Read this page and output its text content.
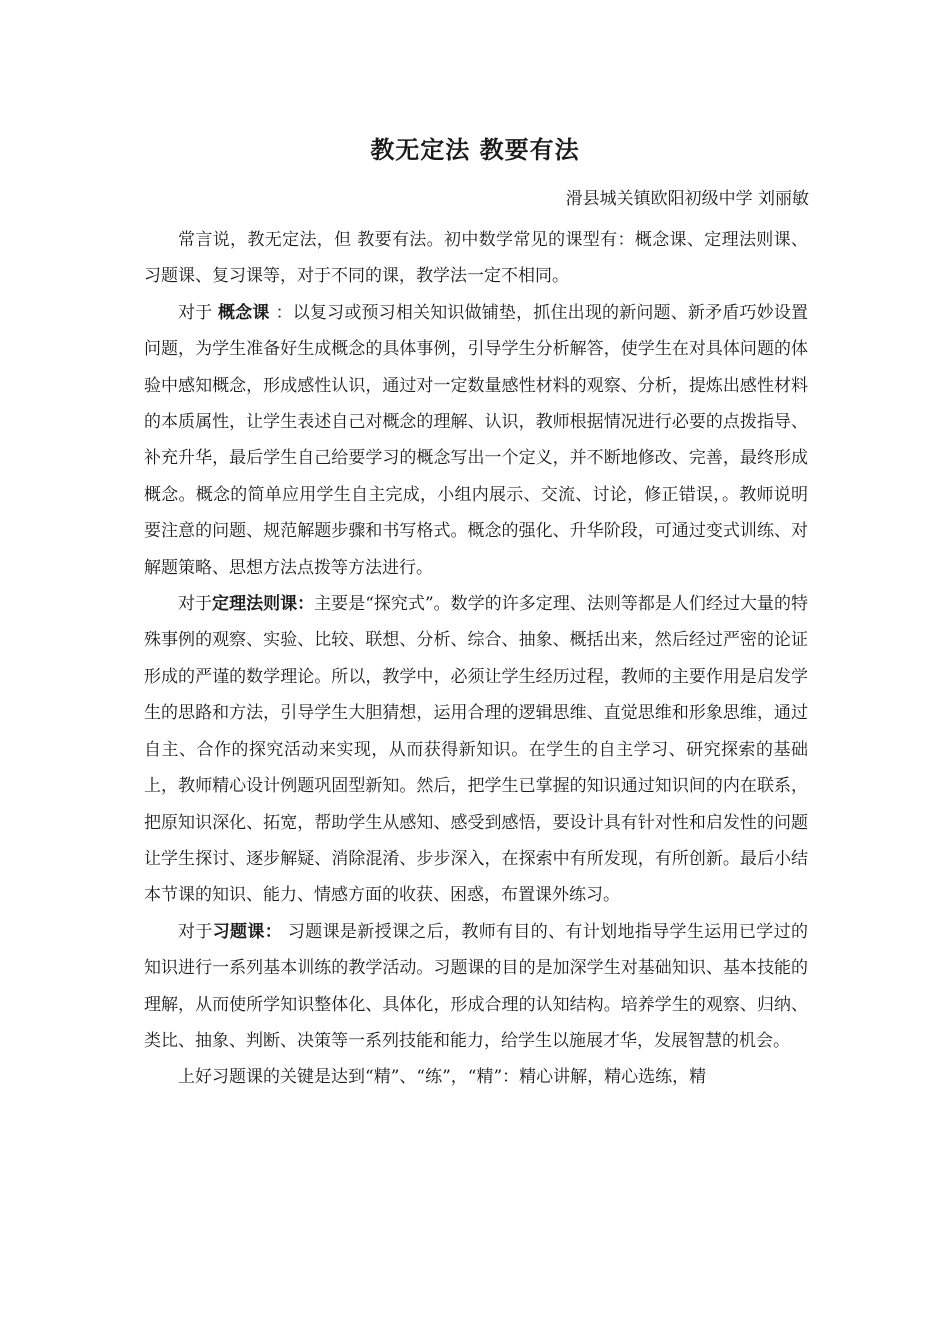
教无定法 教要有法
滑县城关镇欧阳初级中学 刘丽敏

常言说，教无定法，但 教要有法。初中数学常见的课型有：概念课、定理法则课、习题课、复习课等，对于不同的课，教学法一定不相同。

对于 概念课 ：以复习或预习相关知识做铺垫，抓住出现的新问题、新矛盾巧妙设置问题，为学生准备好生成概念的具体事例，引导学生分析解答，使学生在对具体问题的体验中感知概念，形成感性认识，通过对一定数量感性材料的观察、分析，提炼出感性材料的本质属性，让学生表述自己对概念的理解、认识，教师根据情况进行必要的点拨指导、补充升华，最后学生自己给要学习的概念写出一个定义，并不断地修改、完善，最终形成概念。概念的简单应用学生自主完成，小组内展示、交流、讨论，修正错误，。教师说明要注意的问题、规范解题步骤和书写格式。概念的强化、升华阶段，可通过变式训练、对解题策略、思想方法点拨等方法进行。

对于定理法则课：主要是“探究式”。数学的许多定理、法则等都是人们经过大量的特殊事例的观察、实验、比较、联想、分析、综合、抽象、概括出来，然后经过严密的论证形成的严谨的数学理论。所以，教学中，必须让学生经历过程，教师的主要作用是启发学生的思路和方法，引导学生大胆猜想，运用合理的逻辑思维、直觉思维和形象思维，通过自主、合作的探究活动来实现，从而获得新知识。在学生的自主学习、研究探索的基础上，教师精心设计例题巩固型新知。然后，把学生已掌握的知识通过知识间的内在联系，把原知识深化、拓宽，帮助学生从感知、感受到感悟，要设计具有针对性和启发性的问题让学生探讨、逐步解疑、消除混淆、步步深入，在探索中有所发现，有所创新。最后小结本节课的知识、能力、情感方面的收获、困惑，布置课外练习。

对于习题课： 习题课是新授课之后，教师有目的、有计划地指导学生运用已学过的知识进行一系列基本训练的教学活动。习题课的目的是加深学生对基础知识、基本技能的理解，从而使所学知识整体化、具体化，形成合理的认知结构。培养学生的观察、归纳、类比、抽象、判断、决策等一系列技能和能力，给学生以施展才华，发展智慧的机会。

上好习题课的关键是达到“精”、“练”，“精”：精心讲解，精心选练，精
